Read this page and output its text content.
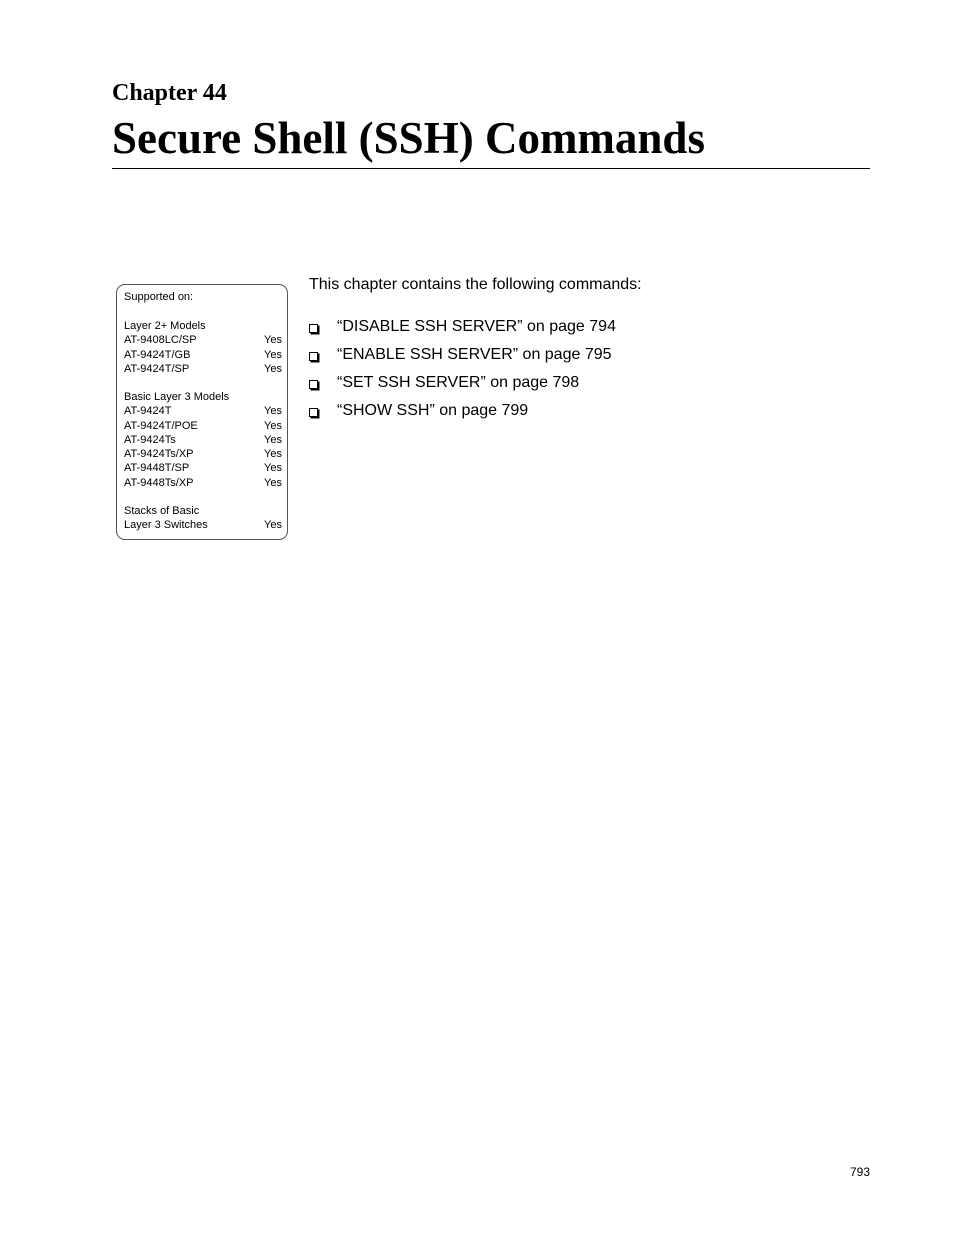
Chapter 44
Secure Shell (SSH) Commands
Supported on:
Layer 2+ Models
AT-9408LC/SP	Yes
AT-9424T/GB	Yes
AT-9424T/SP	Yes
Basic Layer 3 Models
AT-9424T	Yes
AT-9424T/POE	Yes
AT-9424Ts	Yes
AT-9424Ts/XP	Yes
AT-9448T/SP	Yes
AT-9448Ts/XP	Yes
Stacks of Basic
Layer 3 Switches	Yes
This chapter contains the following commands:
“DISABLE SSH SERVER” on page 794
“ENABLE SSH SERVER” on page 795
“SET SSH SERVER” on page 798
“SHOW SSH” on page 799
793
